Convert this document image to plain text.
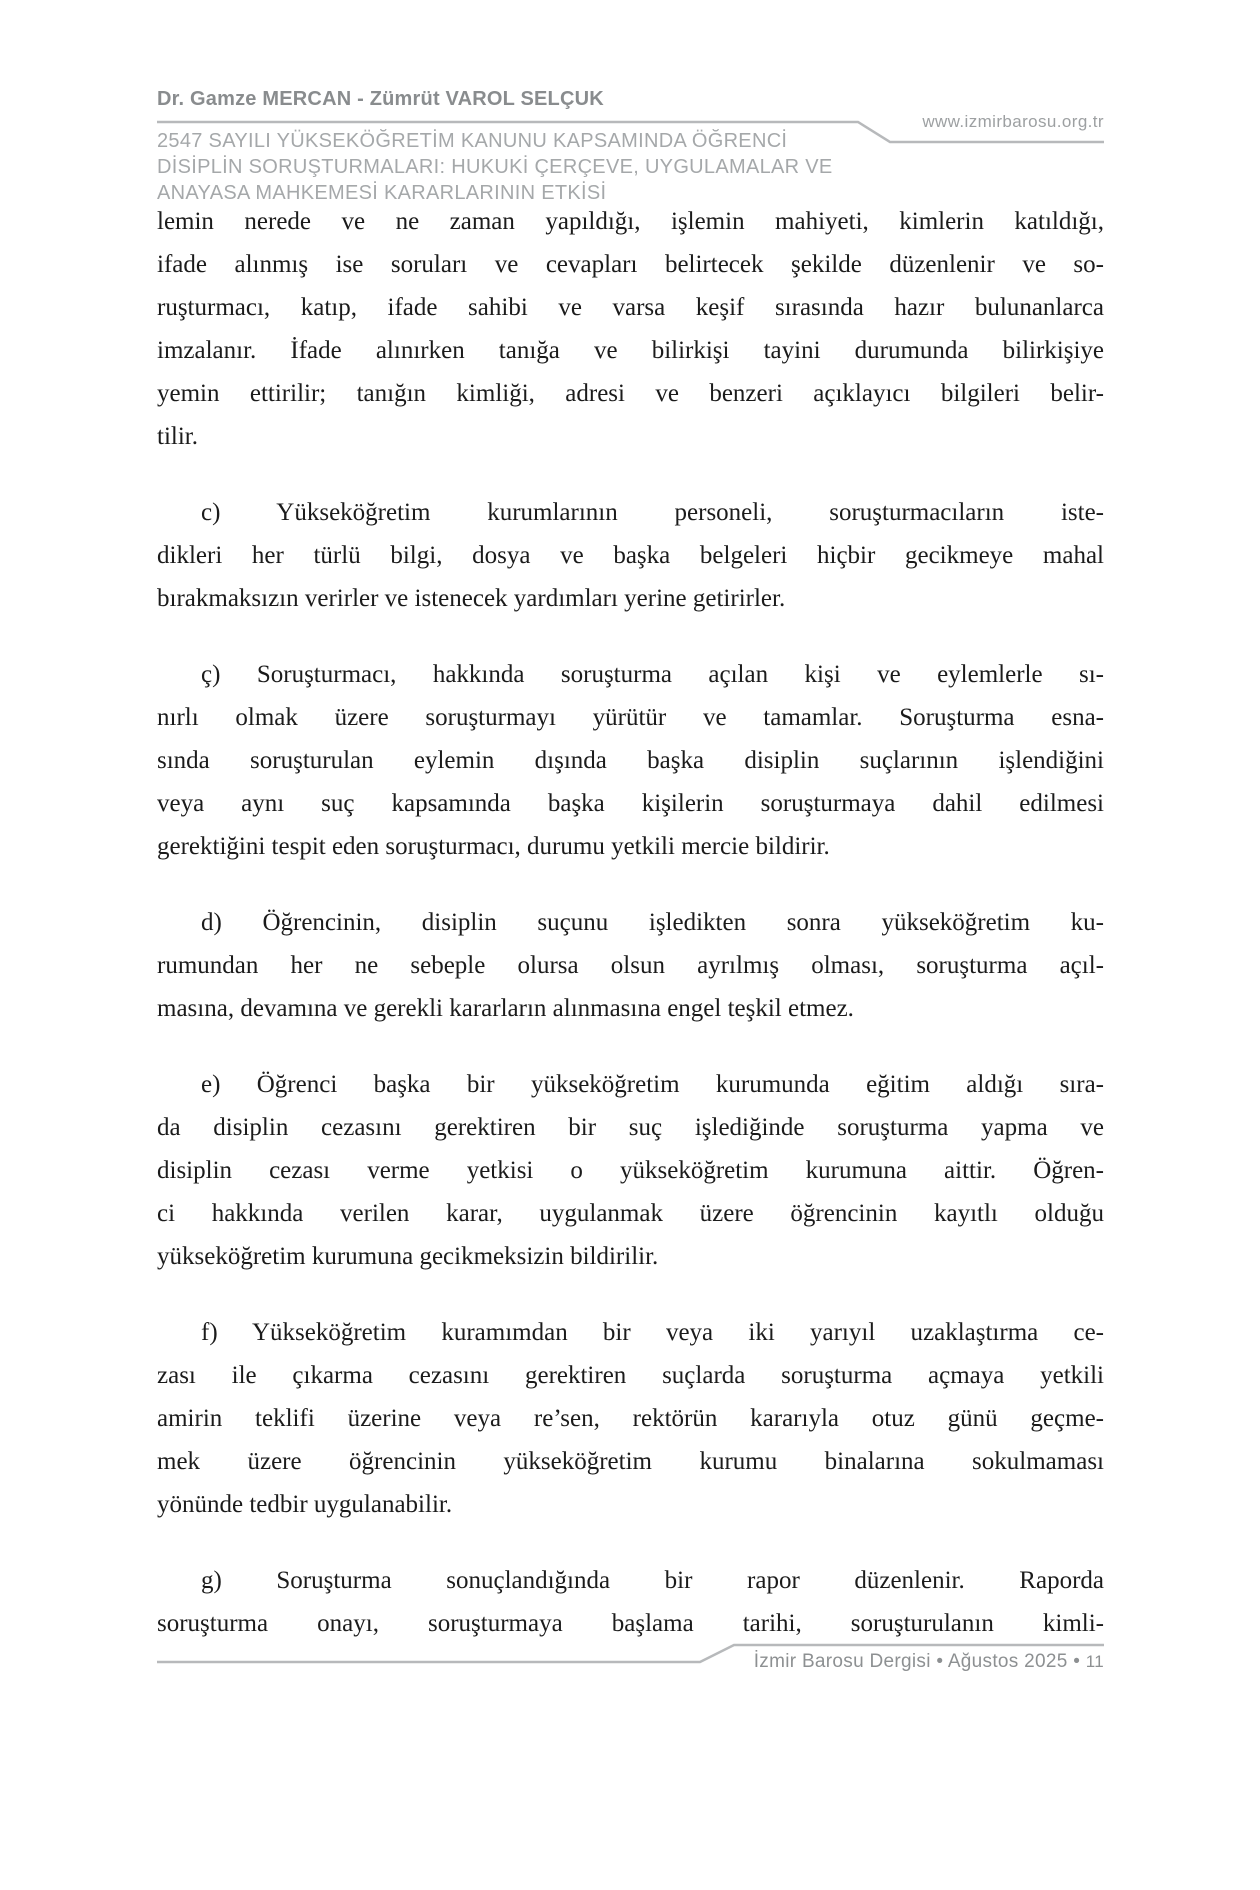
Dr. Gamze MERCAN - Zümrüt VAROL SELÇUK
www.izmirbarosu.org.tr
2547 SAYILI YÜKSEKÖĞRETİM KANUNU KAPSAMINDA ÖĞRENCİ
DİSİPLİN SORUŞTURMALARI: HUKUKİ ÇERÇEVE, UYGULAMALAR VE
ANAYASA MAHKEMESİ KARARLARININ ETKİSİ
lemin nerede ve ne zaman yapıldığı, işlemin mahiyeti, kimlerin katıldığı,
ifade alınmış ise soruları ve cevapları belirtecek şekilde düzenlenir ve so-
ruşturmacı, katıp, ifade sahibi ve varsa keşif sırasında hazır bulunanlarca
imzalanır. İfade alınırken tanığa ve bilirkişi tayini durumunda bilirkişiye
yemin ettirilir; tanığın kimliği, adresi ve benzeri açıklayıcı bilgileri belir-
tilir.
c) Yükseköğretim kurumlarının personeli, soruşturmacıların iste-
dikleri her türlü bilgi, dosya ve başka belgeleri hiçbir gecikmeye mahal
bırakmaksızın verirler ve istenecek yardımları yerine getirirler.
ç) Soruşturmacı, hakkında soruşturma açılan kişi ve eylemlerle sı-
nırlı olmak üzere soruşturmayı yürütür ve tamamlar. Soruşturma esna-
sında soruşturulan eylemin dışında başka disiplin suçlarının işlendiğini
veya aynı suç kapsamında başka kişilerin soruşturmaya dahil edilmesi
gerektiğini tespit eden soruşturmacı, durumu yetkili mercie bildirir.
d) Öğrencinin, disiplin suçunu işledikten sonra yükseköğretim ku-
rumundan her ne sebeple olursa olsun ayrılmış olması, soruşturma açıl-
masına, devamına ve gerekli kararların alınmasına engel teşkil etmez.
e) Öğrenci başka bir yükseköğretim kurumunda eğitim aldığı sıra-
da disiplin cezasını gerektiren bir suç işlediğinde soruşturma yapma ve
disiplin cezası verme yetkisi o yükseköğretim kurumuna aittir. Öğren-
ci hakkında verilen karar, uygulanmak üzere öğrencinin kayıtlı olduğu
yükseköğretim kurumuna gecikmeksizin bildirilir.
f) Yükseköğretim kuramımdan bir veya iki yarıyıl uzaklaştırma ce-
zası ile çıkarma cezasını gerektiren suçlarda soruşturma açmaya yetkili
amirin teklifi üzerine veya re’sen, rektörün kararıyla otuz günü geçme-
mek üzere öğrencinin yükseköğretim kurumu binalarına sokulmaması
yönünde tedbir uygulanabilir.
g) Soruşturma sonuçlandığında bir rapor düzenlenir. Raporda
soruşturma onayı, soruşturmaya başlama tarihi, soruşturulanın kimli-
İzmir Barosu Dergisi • Ağustos 2025 • 11
